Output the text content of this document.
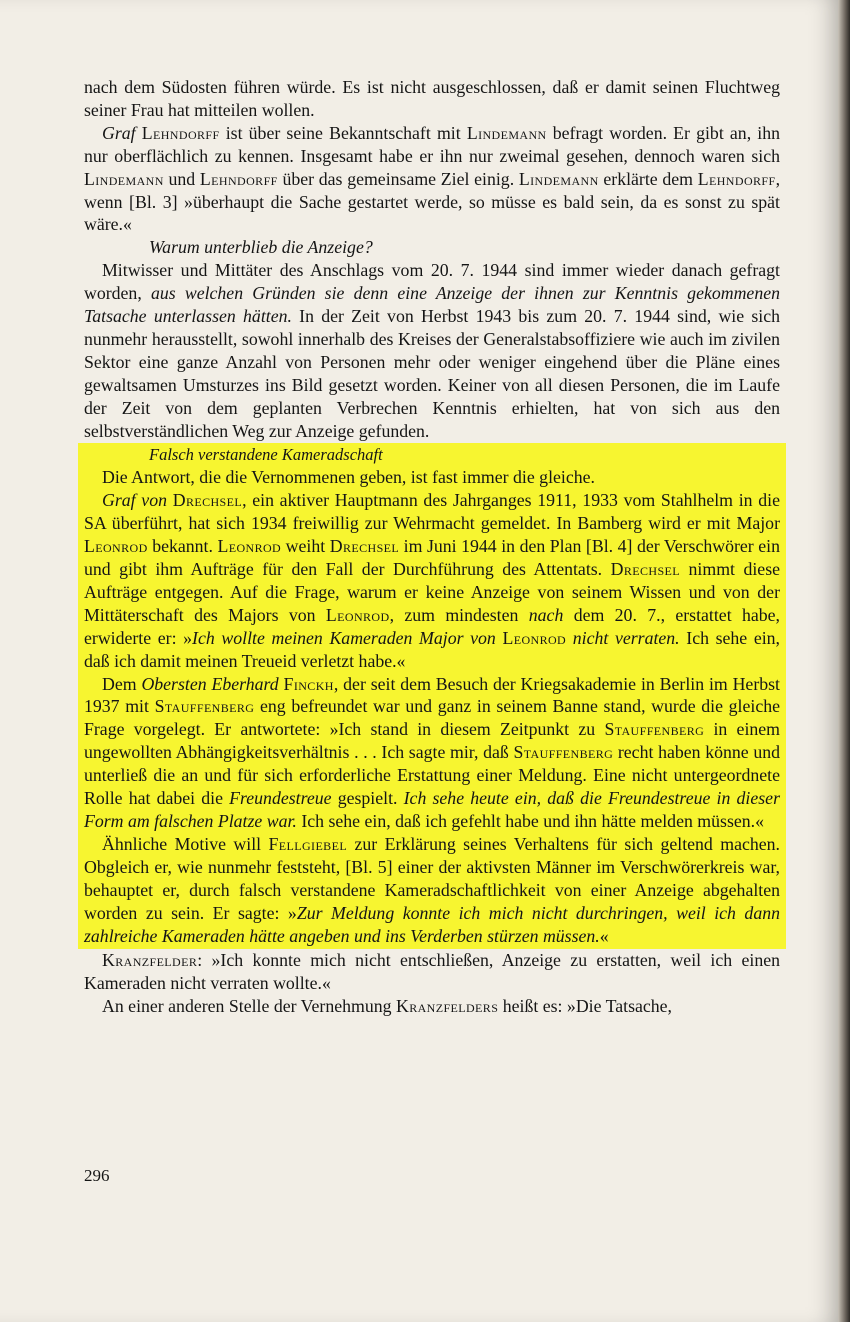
nach dem Südosten führen würde. Es ist nicht ausgeschlossen, daß er damit seinen Fluchtweg seiner Frau hat mitteilen wollen.

Graf Lehndorff ist über seine Bekanntschaft mit Lindemann befragt worden. Er gibt an, ihn nur oberflächlich zu kennen. Insgesamt habe er ihn nur zweimal gesehen, dennoch waren sich Lindemann und Lehndorff über das gemeinsame Ziel einig. Lindemann erklärte dem Lehndorff, wenn [Bl. 3] »überhaupt die Sache gestartet werde, so müsse es bald sein, da es sonst zu spät wäre.«

Warum unterblieb die Anzeige?

Mitwisser und Mittäter des Anschlags vom 20. 7. 1944 sind immer wieder danach gefragt worden, aus welchen Gründen sie denn eine Anzeige der ihnen zur Kenntnis gekommenen Tatsache unterlassen hätten. In der Zeit von Herbst 1943 bis zum 20. 7. 1944 sind, wie sich nunmehr herausstellt, sowohl innerhalb des Kreises der Generalstabsoffiziere wie auch im zivilen Sektor eine ganze Anzahl von Personen mehr oder weniger eingehend über die Pläne eines gewaltsamen Umsturzes ins Bild gesetzt worden. Keiner von all diesen Personen, die im Laufe der Zeit von dem geplanten Verbrechen Kenntnis erhielten, hat von sich aus den selbstverständlichen Weg zur Anzeige gefunden.

Falsch verstandene Kameradschaft

Die Antwort, die die Vernommenen geben, ist fast immer die gleiche.

Graf von Drechsel, ein aktiver Hauptmann des Jahrganges 1911, 1933 vom Stahlhelm in die SA überführt, hat sich 1934 freiwillig zur Wehrmacht gemeldet. In Bamberg wird er mit Major Leonrod bekannt. Leonrod weiht Drechsel im Juni 1944 in den Plan [Bl. 4] der Verschwörer ein und gibt ihm Aufträge für den Fall der Durchführung des Attentats. Drechsel nimmt diese Aufträge entgegen. Auf die Frage, warum er keine Anzeige von seinem Wissen und von der Mittäterschaft des Majors von Leonrod, zum mindesten nach dem 20. 7., erstattet habe, erwiderte er: »Ich wollte meinen Kameraden Major von Leonrod nicht verraten. Ich sehe ein, daß ich damit meinen Treueid verletzt habe.«

Dem Obersten Eberhard Finckh, der seit dem Besuch der Kriegsakademie in Berlin im Herbst 1937 mit Stauffenberg eng befreundet war und ganz in seinem Banne stand, wurde die gleiche Frage vorgelegt. Er antwortete: »Ich stand in diesem Zeitpunkt zu Stauffenberg in einem ungewollten Abhängigkeitsverhältnis . . . Ich sagte mir, daß Stauffenberg recht haben könne und unterließ die an und für sich erforderliche Erstattung einer Meldung. Eine nicht untergeordnete Rolle hat dabei die Freundestreue gespielt. Ich sehe heute ein, daß die Freundestreue in dieser Form am falschen Platze war. Ich sehe ein, daß ich gefehlt habe und ihn hätte melden müssen.«

Ähnliche Motive will Fellgiebel zur Erklärung seines Verhaltens für sich geltend machen. Obgleich er, wie nunmehr feststeht, [Bl. 5] einer der aktivsten Männer im Verschwörerkreis war, behauptet er, durch falsch verstandene Kameradschaftlichkeit von einer Anzeige abgehalten worden zu sein. Er sagte: »Zur Meldung konnte ich mich nicht durchringen, weil ich dann zahlreiche Kameraden hätte angeben und ins Verderben stürzen müssen.«

Kranzfelder: »Ich konnte mich nicht entschließen, Anzeige zu erstatten, weil ich einen Kameraden nicht verraten wollte.«

An einer anderen Stelle der Vernehmung Kranzfelders heißt es: »Die Tatsache,

296
